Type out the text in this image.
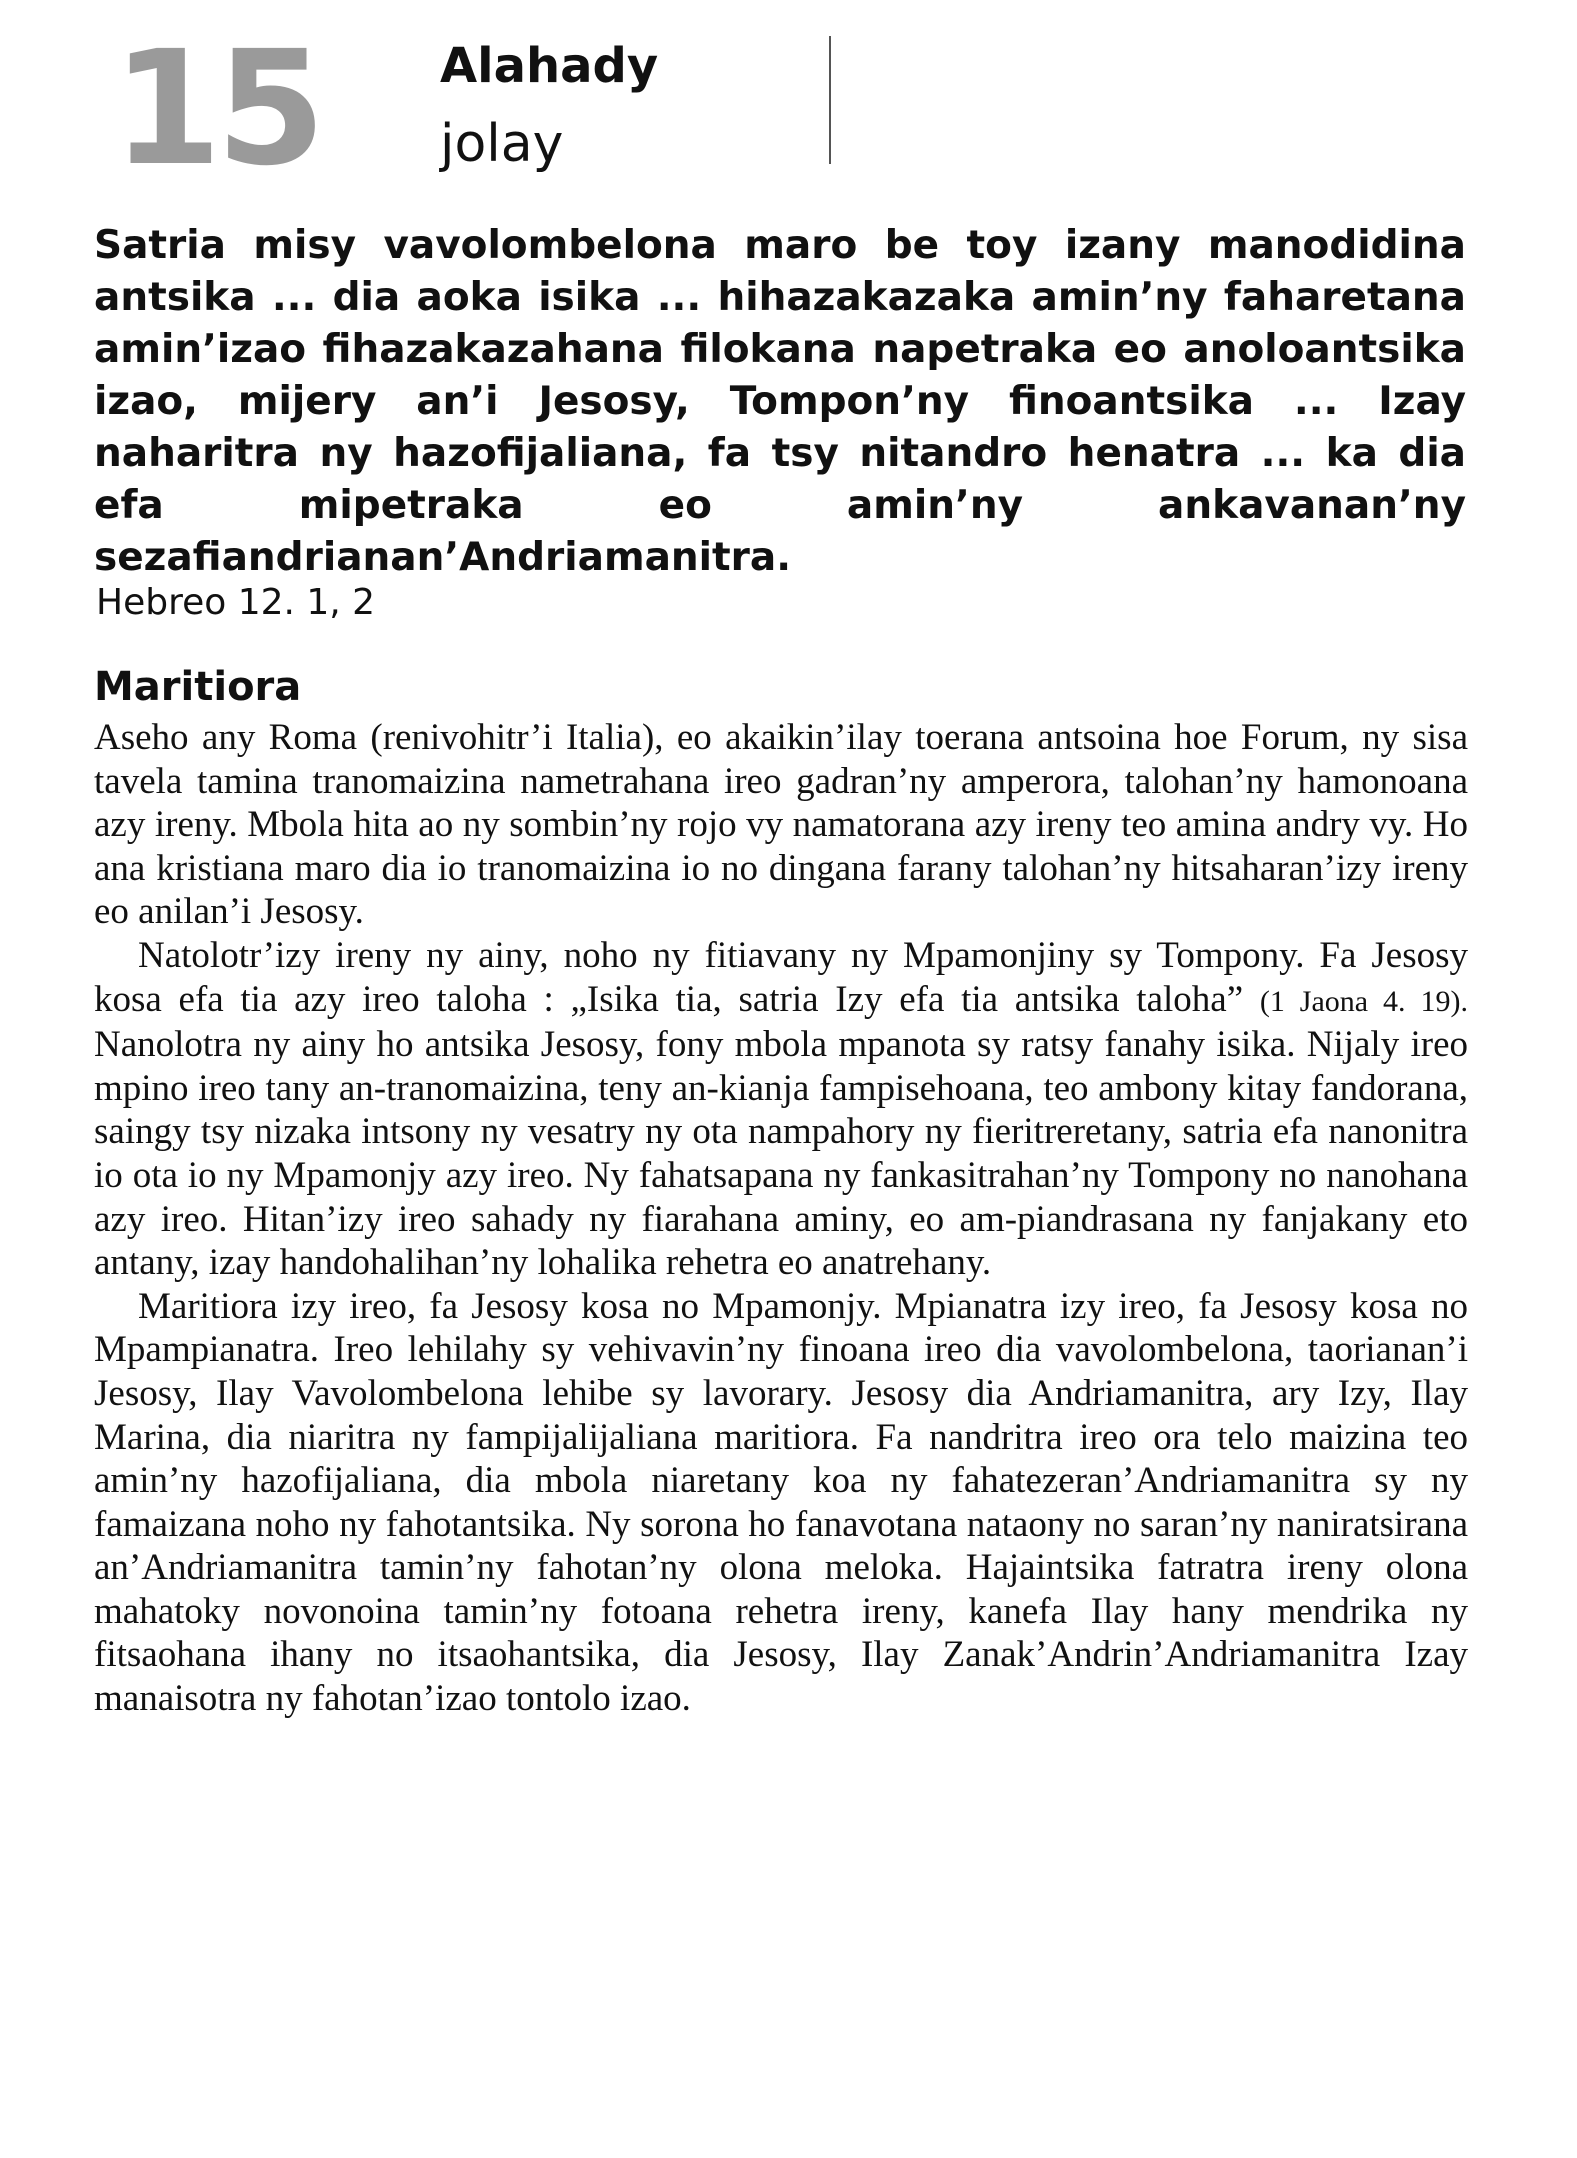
15	Alahady
jolay
Satria misy vavolombelona maro be toy izany manodidina antsika ... dia aoka isika ... hihazakazaka amin’ny faharetana amin’izao fihazakazahana filokana napetraka eo anoloantsika izao, mijery an’i Jesosy, Tompon’ny finoantsika ... Izay naharitra ny hazofijaliana, fa tsy nitandro henatra ... ka dia efa mipetraka eo amin’ny ankavanan’ny sezafiandrianan’Andriamanitra.
Hebreo 12. 1, 2
Maritiora

Aseho any Roma (renivohitr’i Italia), eo akaikin’ilay toerana antsoina hoe Forum, ny sisa tavela tamina tranomaizina nametrahana ireo gadran’ny amperora, talohan’ny hamonoana azy ireny. Mbola hita ao ny sombin’ny rojo vy namatorana azy ireny teo amina andry vy. Ho ana kristiana maro dia io tranomaizina io no dingana farany talohan’ny hitsaharan’izy ireny eo anilan’i Jesosy.

Natolotr’izy ireny ny ainy, noho ny fitiavany ny Mpamonjiny sy Tompony. Fa Jesosy kosa efa tia azy ireo taloha : „Isika tia, satria Izy efa tia antsika taloha” (1 Jaona 4. 19). Nanolotra ny ainy ho antsika Jesosy, fony mbola mpanota sy ratsy fanahy isika. Nijaly ireo mpino ireo tany an-tranomaizina, teny an-kianja fampisehoana, teo ambony kitay fandorana, saingy tsy nizaka intsony ny vesatry ny ota nampahory ny fieritreretany, satria efa nanonitra io ota io ny Mpamonjy azy ireo. Ny fahatsapana ny fankasitrahan’ny Tompony no nanohana azy ireo. Hitan’izy ireo sahady ny fiarahana aminy, eo am-piandrasana ny fanjakany eto antany, izay handohalihan’ny lohalika rehetra eo anatrehany.

Maritiora izy ireo, fa Jesosy kosa no Mpamonjy. Mpianatra izy ireo, fa Jesosy kosa no Mpampianatra. Ireo lehilahy sy vehivavin’ny finoana ireo dia vavolombelona, taorianan’i Jesosy, Ilay Vavolombelona lehibe sy lavorary. Jesosy dia Andriamanitra, ary Izy, Ilay Marina, dia niaritra ny fampijalijaliana maritiora. Fa nandritra ireo ora telo maizina teo amin’ny hazofijaliana, dia mbola niaretany koa ny fahatezeran’Andriamanitra sy ny famaizana noho ny fahotantsika. Ny sorona ho fanavotana nataony no saran’ny naniratsirana an’Andriamanitra tamin’ny fahotan’ny olona meloka. Hajaintsika fatratra ireny olona mahatoky novonoina tamin’ny fotoana rehetra ireny, kanefa Ilay hany mendrika ny fitsaohana ihany no itsaohantsika, dia Jesosy, Ilay Zanak’Andrin’Andriamanitra Izay manaisotra ny fahotan’izao tontolo izao.
